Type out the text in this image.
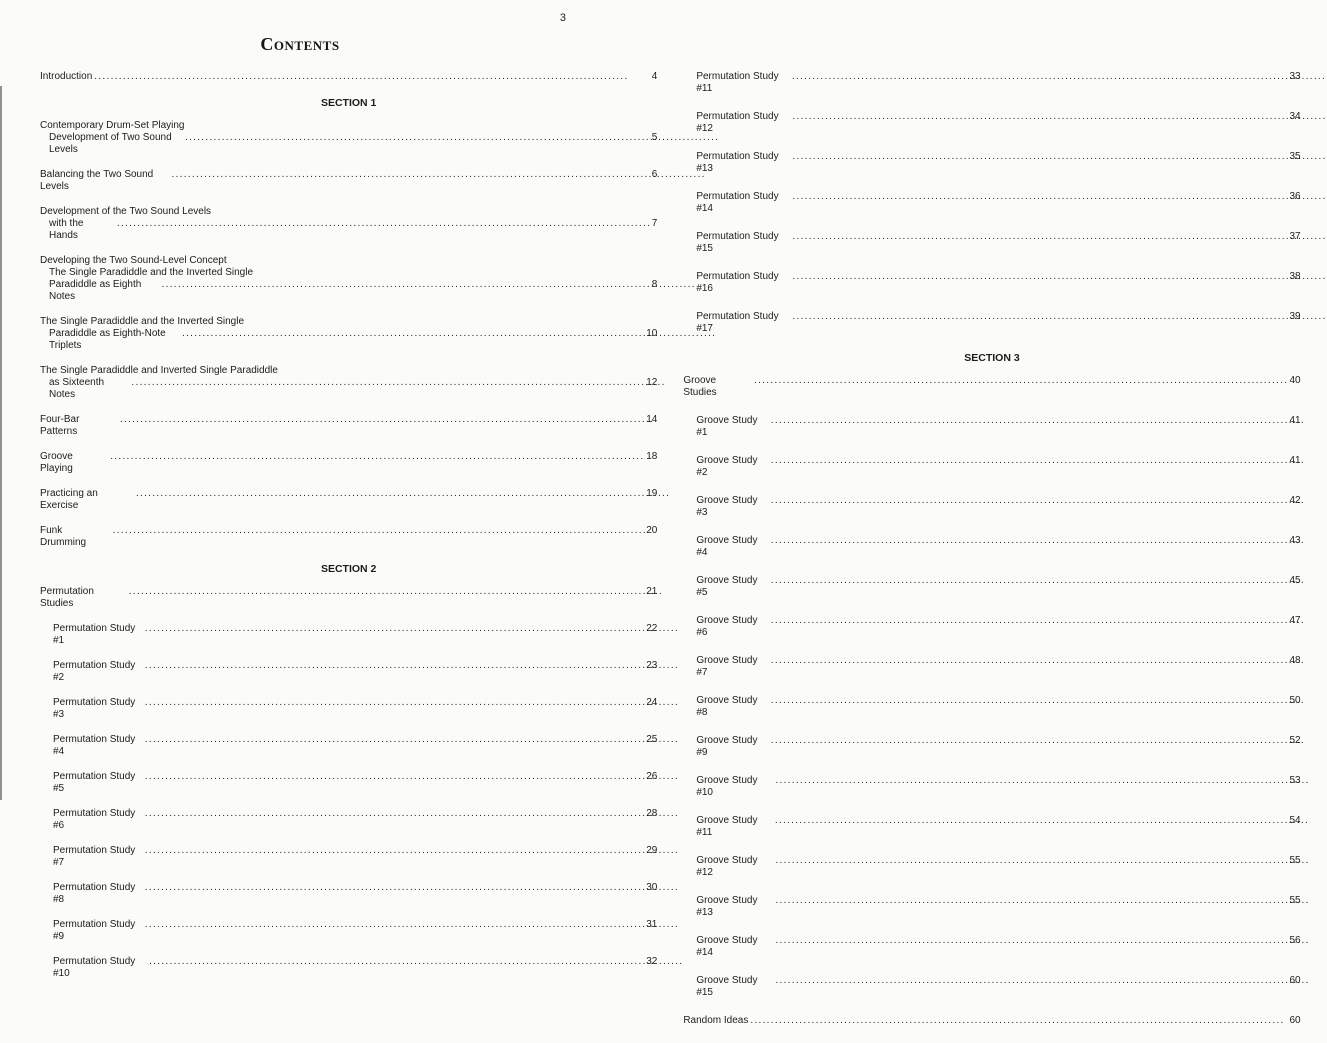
3
Contents
Introduction .....	4
SECTION 1
Contemporary Drum-Set Playing
Development of Two Sound Levels
.....
5
Balancing the Two Sound Levels
.....
6
Development of the Two Sound Levels
with the Hands
.....
7
Developing the Two Sound-Level Concept
The Single Paradiddle and the Inverted Single
Paradiddle as Eighth Notes
.....
8
The Single Paradiddle and the Inverted Single
Paradiddle as Eighth-Note Triplets
.....
10
The Single Paradiddle and Inverted Single Paradiddle
as Sixteenth Notes
.....
12
Four-Bar Patterns
.....
14
Groove Playing
.....
18
Practicing an Exercise
.....
19
Funk Drumming
.....
20
SECTION 2
Permutation Studies
.....
21
Permutation Study #1
.....
22
Permutation Study #2
.....
23
Permutation Study #3
.....
24
Permutation Study #4
.....
25
Permutation Study #5
.....
26
Permutation Study #6
.....
28
Permutation Study #7
.....
29
Permutation Study #8
.....
30
Permutation Study #9
.....
31
Permutation Study #10
.....
32
Permutation Study #11
.....
33
Permutation Study #12
.....
34
Permutation Study #13
.....
35
Permutation Study #14
.....
36
Permutation Study #15
.....
37
Permutation Study #16
.....
38
Permutation Study #17
.....
39
SECTION 3
Groove Studies
.....
40
Groove Study #1
.....
41
Groove Study #2
.....
41
Groove Study #3
.....
42
Groove Study #4
.....
43
Groove Study #5
.....
45
Groove Study #6
.....
47
Groove Study #7
.....
48
Groove Study #8
.....
50
Groove Study #9
.....
52
Groove Study #10
.....
53
Groove Study #11
.....
54
Groove Study #12
.....
55
Groove Study #13
.....
55
Groove Study #14
.....
56
Groove Study #15
.....
60
Random Ideas .....	60
